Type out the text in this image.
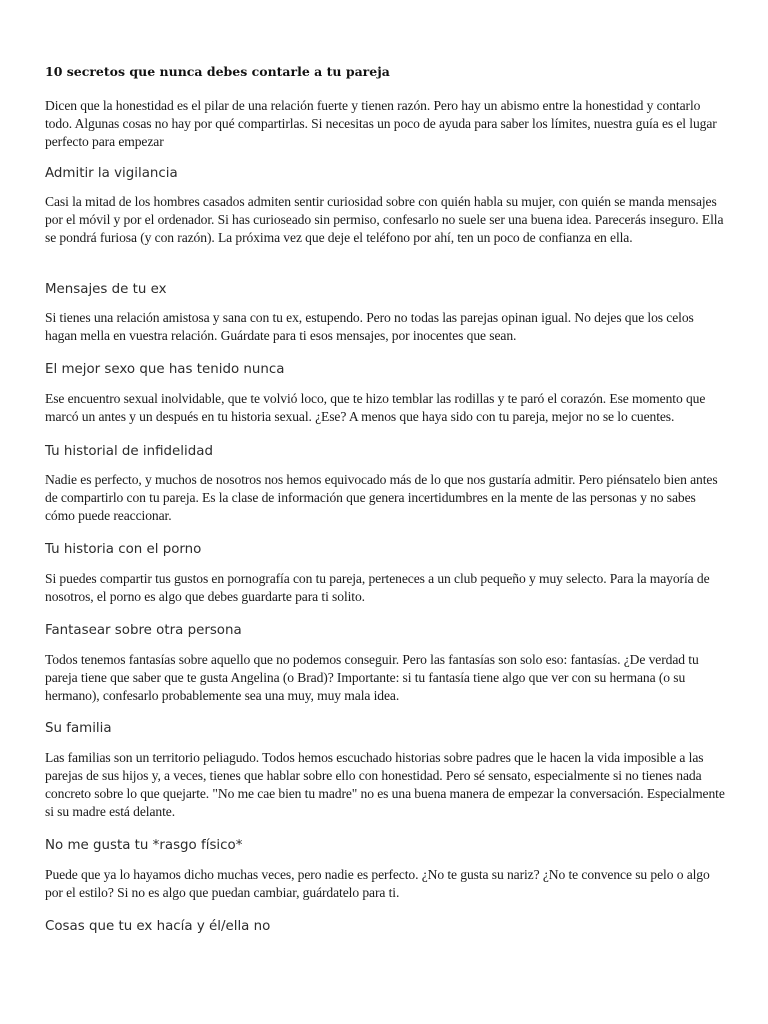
10 secretos que nunca debes contarle a tu pareja

Dicen que la honestidad es el pilar de una relación fuerte y tienen razón. Pero hay un abismo entre la honestidad y contarlo todo. Algunas cosas no hay por qué compartirlas. Si necesitas un poco de ayuda para saber los límites, nuestra guía es el lugar perfecto para empezar

Admitir la vigilancia

Casi la mitad de los hombres casados admiten sentir curiosidad sobre con quién habla su mujer, con quién se manda mensajes por el móvil y por el ordenador. Si has curioseado sin permiso, confesarlo no suele ser una buena idea. Parecerás inseguro. Ella se pondrá furiosa (y con razón). La próxima vez que deje el teléfono por ahí, ten un poco de confianza en ella.

Mensajes de tu ex

Si tienes una relación amistosa y sana con tu ex, estupendo. Pero no todas las parejas opinan igual. No dejes que los celos hagan mella en vuestra relación. Guárdate para ti esos mensajes, por inocentes que sean.

El mejor sexo que has tenido nunca

Ese encuentro sexual inolvidable, que te volvió loco, que te hizo temblar las rodillas y te paró el corazón. Ese momento que marcó un antes y un después en tu historia sexual. ¿Ese? A menos que haya sido con tu pareja, mejor no se lo cuentes.

Tu historial de infidelidad

Nadie es perfecto, y muchos de nosotros nos hemos equivocado más de lo que nos gustaría admitir. Pero piénsatelo bien antes de compartirlo con tu pareja. Es la clase de información que genera incertidumbres en la mente de las personas y no sabes cómo puede reaccionar.

Tu historia con el porno

Si puedes compartir tus gustos en pornografía con tu pareja, perteneces a un club pequeño y muy selecto. Para la mayoría de nosotros, el porno es algo que debes guardarte para ti solito.

Fantasear sobre otra persona

Todos tenemos fantasías sobre aquello que no podemos conseguir. Pero las fantasías son solo eso: fantasías. ¿De verdad tu pareja tiene que saber que te gusta Angelina (o Brad)? Importante: si tu fantasía tiene algo que ver con su hermana (o su hermano), confesarlo probablemente sea una muy, muy mala idea.

Su familia

Las familias son un territorio peliagudo. Todos hemos escuchado historias sobre padres que le hacen la vida imposible a las parejas de sus hijos y, a veces, tienes que hablar sobre ello con honestidad. Pero sé sensato, especialmente si no tienes nada concreto sobre lo que quejarte. "No me cae bien tu madre" no es una buena manera de empezar la conversación. Especialmente si su madre está delante.

No me gusta tu *rasgo físico*

Puede que ya lo hayamos dicho muchas veces, pero nadie es perfecto. ¿No te gusta su nariz? ¿No te convence su pelo o algo por el estilo? Si no es algo que puedan cambiar, guárdatelo para ti.

Cosas que tu ex hacía y él/ella no
